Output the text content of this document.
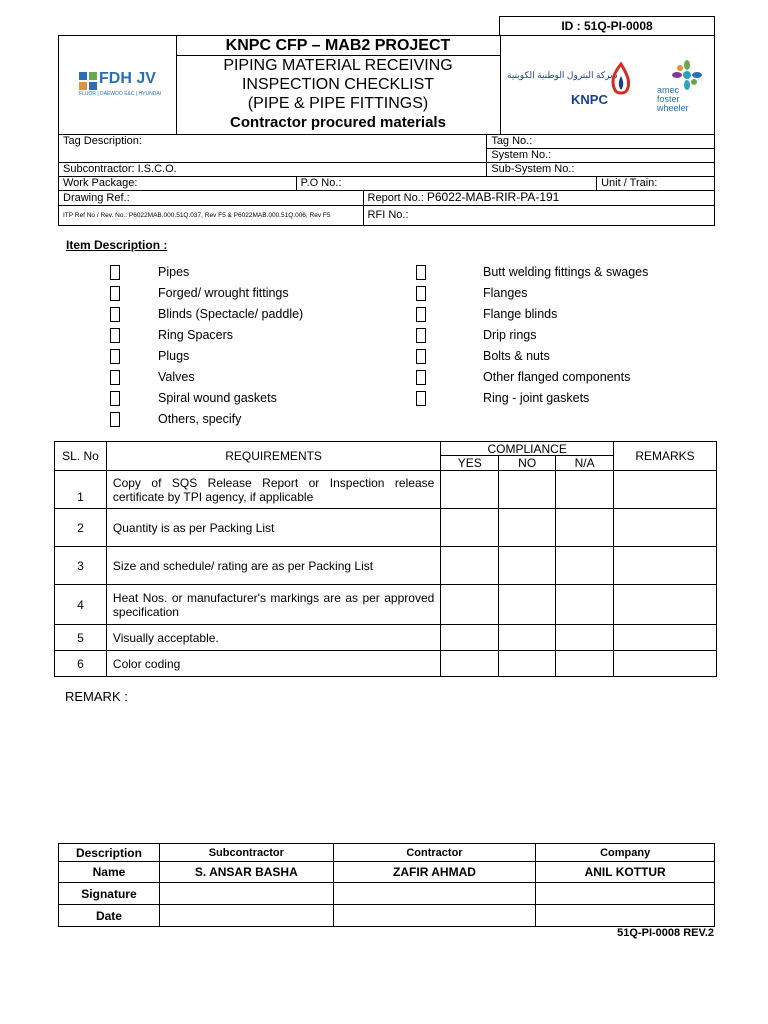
ID : 51Q-PI-0008
FDH JV
FLUOR | DAEWOO E&C | HYUNDAI
KNPC CFP – MAB2 PROJECT
PIPING MATERIAL RECEIVING
INSPECTION CHECKLIST
(PIPE & PIPE FITTINGS)
Contractor procured materials
شركة البترول الوطنية الكويتية
KNPC
amec
foster
wheeler
Tag Description:			Tag No.:	
			System No.:	
Subcontractor: I.S.C.O.			Sub-System No.:	
Work Package:	P.O No.:			Unit / Train:
Drawing Ref.:		Report No.: P6022-MAB-RIR-PA-191		
ITP Ref No / Rev. No.: P6022MAB.000.51Q.037, Rev F5 & P6022MAB.000.51Q.006, Rev F5		RFI No.:		
Item Description :
Pipes
Forged/ wrought fittings
Blinds (Spectacle/ paddle)
Ring Spacers
Plugs
Valves
Spiral wound gaskets
Others, specify
Butt welding fittings & swages
Flanges
Flange blinds
Drip rings
Bolts & nuts
Other flanged components
Ring - joint gaskets
SL. No	REQUIREMENTS	COMPLIANCE			REMARKS
		YES	NO	N/A	
1	Copy of SQS Release Report or Inspection release certificate by TPI agency, if applicable				
2	Quantity is as per Packing List				
3	Size and schedule/ rating are as per Packing List				
4	Heat Nos. or manufacturer's markings are as per approved specification				
5	Visually acceptable.				
6	Color coding				
REMARK :
Description	Subcontractor	Contractor	Company
Name	S. ANSAR BASHA	ZAFIR AHMAD	ANIL KOTTUR
Signature			
Date			
51Q-PI-0008 REV.2
